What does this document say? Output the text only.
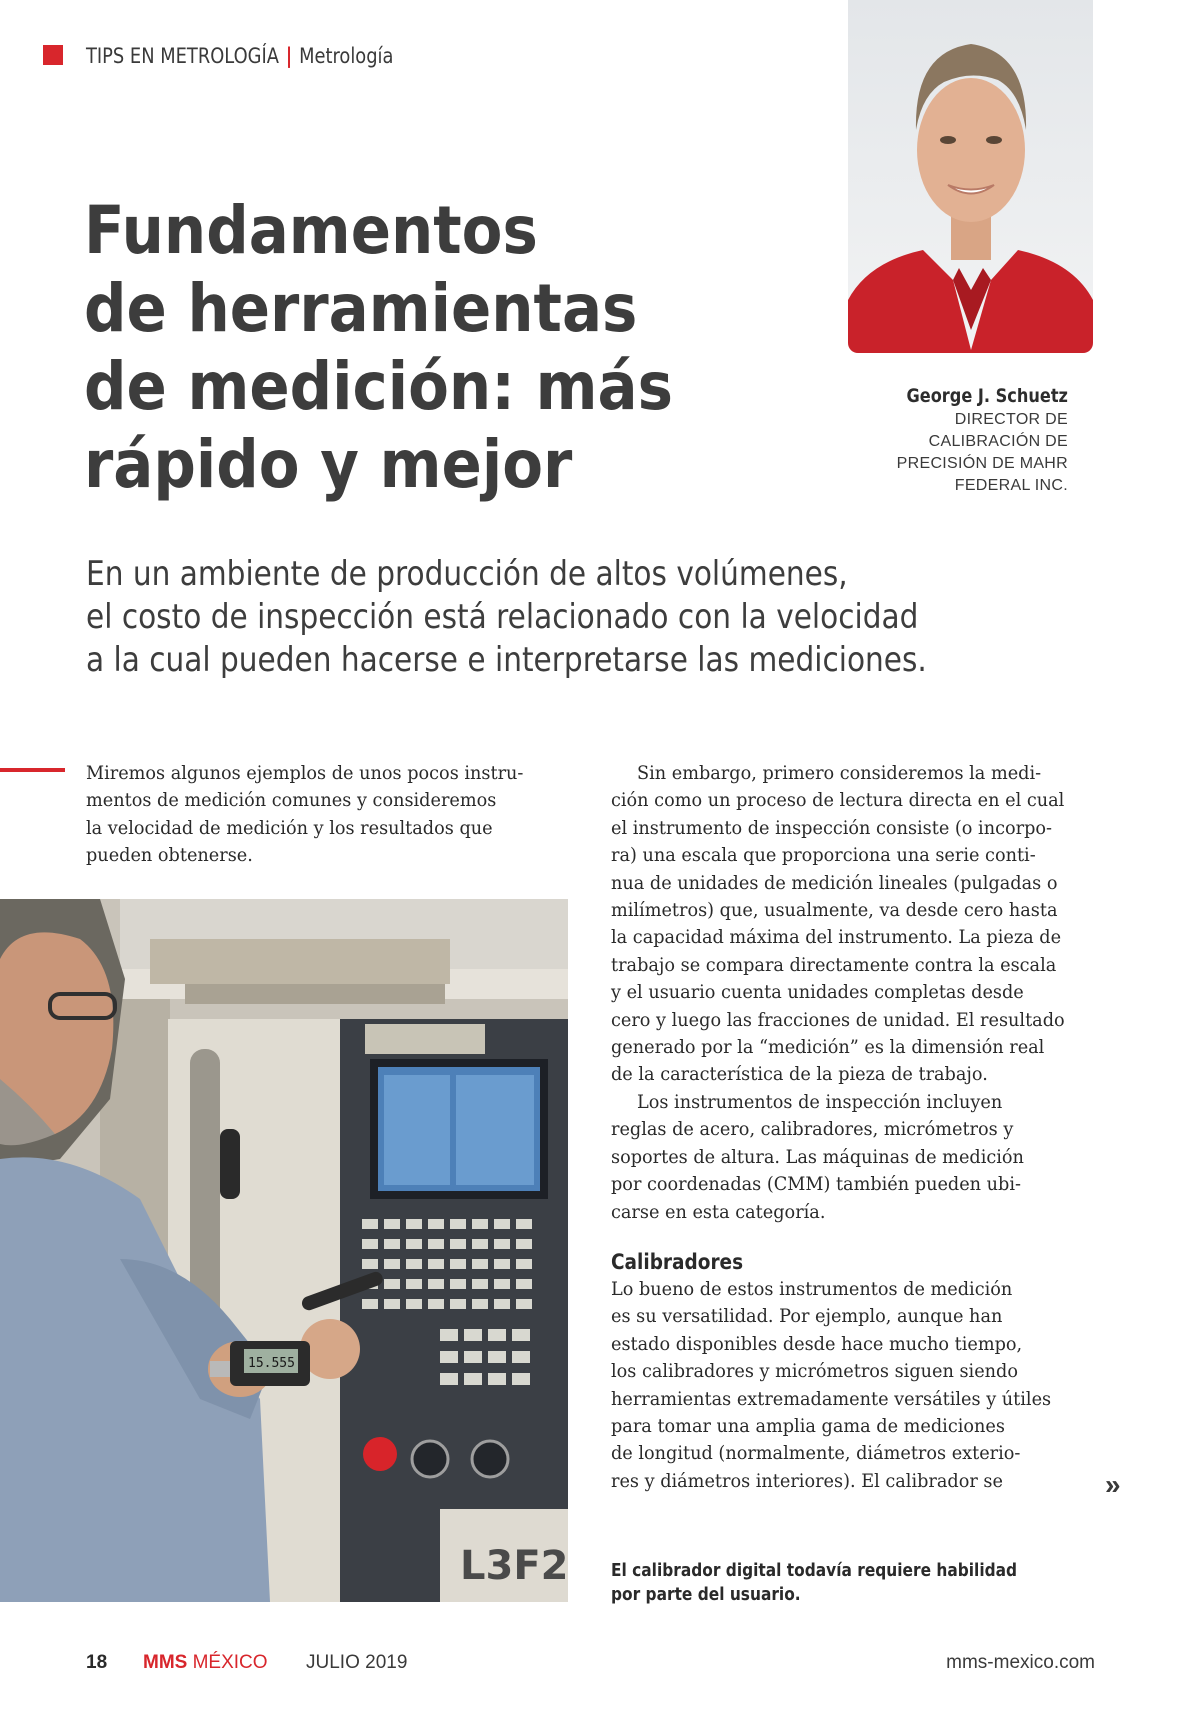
TIPS EN METROLOGÍA | Metrología
Fundamentos
de herramientas
de medición: más
rápido y mejor
George J. Schuetz
DIRECTOR DE
CALIBRACIÓN DE
PRECISIÓN DE MAHR
FEDERAL INC.
En un ambiente de producción de altos volúmenes,
el costo de inspección está relacionado con la velocidad
a la cual pueden hacerse e interpretarse las mediciones.
Miremos algunos ejemplos de unos pocos instru-
mentos de medición comunes y consideremos
la velocidad de medición y los resultados que
pueden obtenerse.
L3F2
15.555
Sin embargo, primero consideremos la medi-
ción como un proceso de lectura directa en el cual
el instrumento de inspección consiste (o incorpo-
ra) una escala que proporciona una serie conti-
nua de unidades de medición lineales (pulgadas o
milímetros) que, usualmente, va desde cero hasta
la capacidad máxima del instrumento. La pieza de
trabajo se compara directamente contra la escala
y el usuario cuenta unidades completas desde
cero y luego las fracciones de unidad. El resultado
generado por la “medición” es la dimensión real
de la característica de la pieza de trabajo.
Los instrumentos de inspección incluyen
reglas de acero, calibradores, micrómetros y
soportes de altura. Las máquinas de medición
por coordenadas (CMM) también pueden ubi-
carse en esta categoría.
Calibradores
Lo bueno de estos instrumentos de medición
es su versatilidad. Por ejemplo, aunque han
estado disponibles desde hace mucho tiempo,
los calibradores y micrómetros siguen siendo
herramientas extremadamente versátiles y útiles
para tomar una amplia gama de mediciones
de longitud (normalmente, diámetros exterio-
res y diámetros interiores). El calibrador se	»
El calibrador digital todavía requiere habilidad
por parte del usuario.
18 MMS MÉXICO JULIO 2019	mms-mexico.com
